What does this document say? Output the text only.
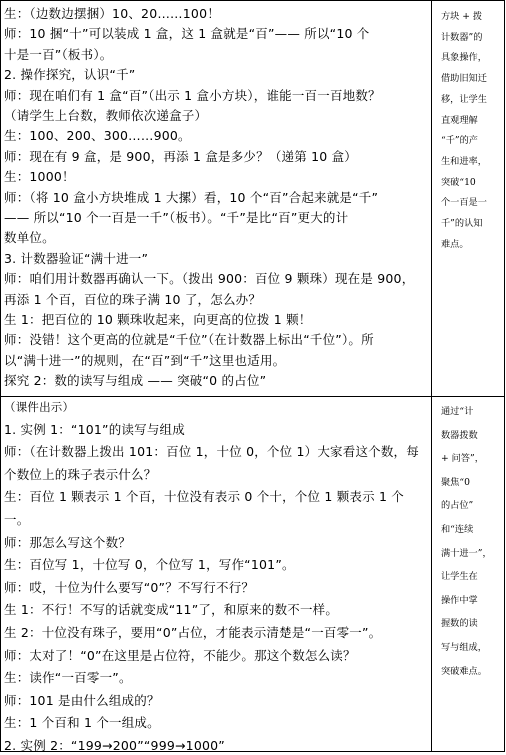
生：（边数边摆捆）10、20……100！
师：10 捆“十”可以装成 1 盒，这 1 盒就是“百”—— 所以“10 个
十是一百”（板书）。
2. 操作探究，认识“千”
师：现在咱们有 1 盒“百”（出示 1 盒小方块），谁能一百一百地数？
（请学生上台数，教师依次递盒子）
生：100、200、300……900。
师：现在有 9 盒，是 900，再添 1 盒是多少？（递第 10 盒）
生：1000！
师：（将 10 盒小方块堆成 1 大摞）看，10 个“百”合起来就是“千”
—— 所以“10 个一百是一千”（板书）。“千”是比“百”更大的计
数单位。
3. 计数器验证“满十进一”
师：咱们用计数器再确认一下。（拨出 900：百位 9 颗珠）现在是 900，
再添 1 个百，百位的珠子满 10 了，怎么办？
生 1：把百位的 10 颗珠收起来，向更高的位拨 1 颗！
师：没错！这个更高的位就是“千位”（在计数器上标出“千位”）。所
以“满十进一”的规则，在“百”到“千”这里也适用。
探究 2：数的读写与组成 —— 突破“0 的占位”
（课件出示）
1. 实例 1：“101”的读写与组成
师：（在计数器上拨出 101：百位 1，十位 0，个位 1）大家看这个数，每
个数位上的珠子表示什么？
生：百位 1 颗表示 1 个百，十位没有表示 0 个十，个位 1 颗表示 1 个
一。
师：那怎么写这个数？
生：百位写 1，十位写 0，个位写 1，写作“101”。
师：哎，十位为什么要写“0”？不写行不行？
生 1：不行！不写的话就变成“11”了，和原来的数不一样。
生 2：十位没有珠子，要用“0”占位，才能表示清楚是“一百零一”。
师：太对了！“0”在这里是占位符，不能少。那这个数怎么读？
生：读作“一百零一”。
师：101 是由什么组成的？
生：1 个百和 1 个一组成。
2. 实例 2：“199→200”“999→1000”
方块 + 拨
计数器”的
具象操作，
借助旧知迁
移，让学生
直观理解
“千”的产
生和进率，
突破“10
个一百是一
千”的认知
难点。
通过“计
数器拨数
+ 问答”，
聚焦“0
的占位”
和“连续
满十进一”，
让学生在
操作中掌
握数的读
写与组成，
突破难点。
